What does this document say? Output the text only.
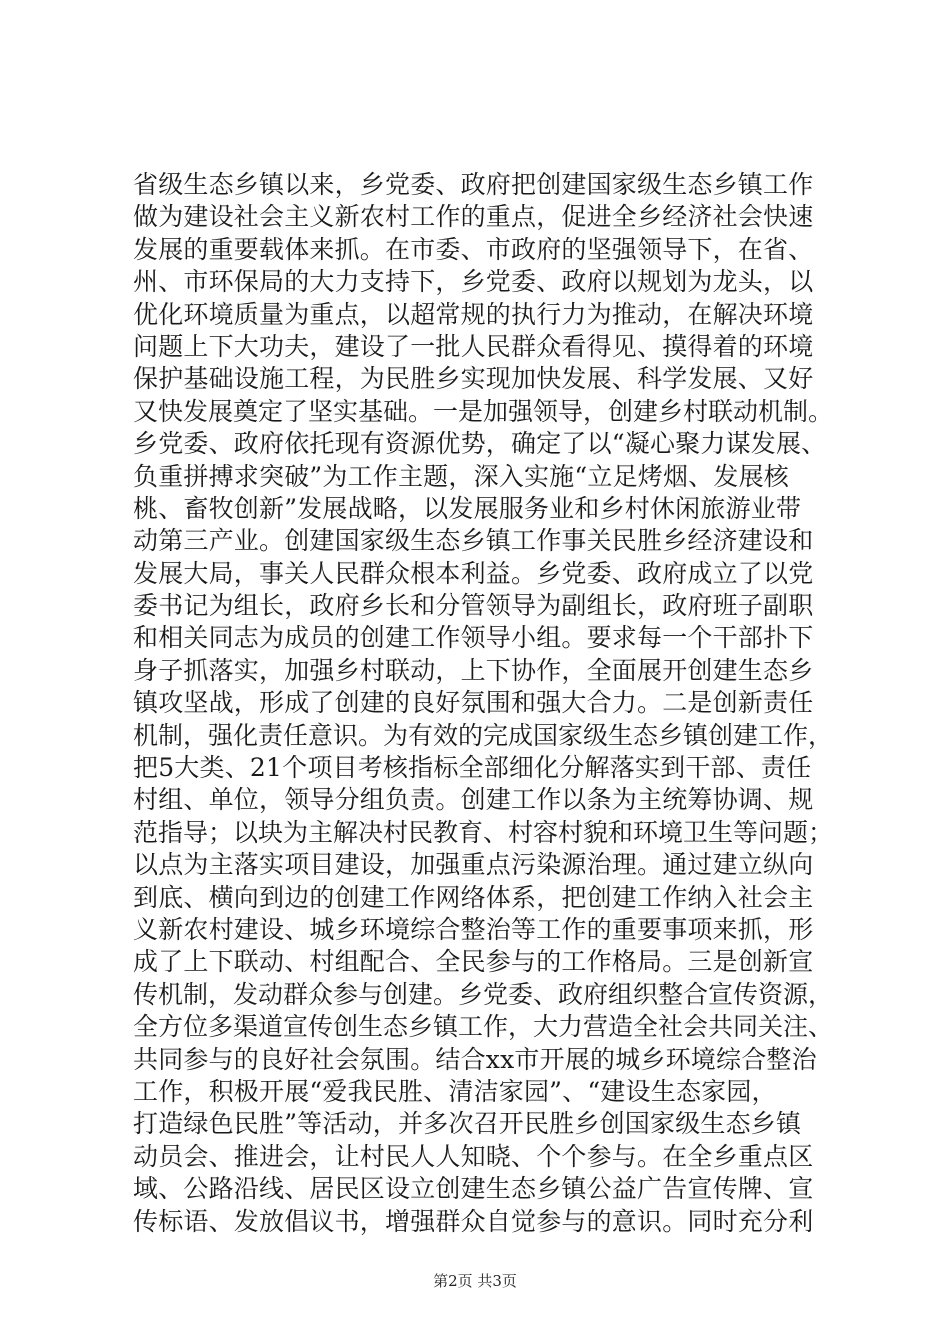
省级生态乡镇以来，乡党委、政府把创建国家级生态乡镇工作
做为建设社会主义新农村工作的重点，促进全乡经济社会快速
发展的重要载体来抓。在市委、市政府的坚强领导下，在省、
州、市环保局的大力支持下，乡党委、政府以规划为龙头，以
优化环境质量为重点，以超常规的执行力为推动，在解决环境
问题上下大功夫，建设了一批人民群众看得见、摸得着的环境
保护基础设施工程，为民胜乡实现加快发展、科学发展、又好
又快发展奠定了坚实基础。一是加强领导，创建乡村联动机制。
乡党委、政府依托现有资源优势，确定了以“凝心聚力谋发展、
负重拼搏求突破”为工作主题，深入实施“立足烤烟、发展核
桃、畜牧创新”发展战略，以发展服务业和乡村休闲旅游业带
动第三产业。创建国家级生态乡镇工作事关民胜乡经济建设和
发展大局，事关人民群众根本利益。乡党委、政府成立了以党
委书记为组长，政府乡长和分管领导为副组长，政府班子副职
和相关同志为成员的创建工作领导小组。要求每一个干部扑下
身子抓落实，加强乡村联动，上下协作，全面展开创建生态乡
镇攻坚战，形成了创建的良好氛围和强大合力。二是创新责任
机制，强化责任意识。为有效的完成国家级生态乡镇创建工作，
把5大类、21个项目考核指标全部细化分解落实到干部、责任
村组、单位，领导分组负责。创建工作以条为主统筹协调、规
范指导；以块为主解决村民教育、村容村貌和环境卫生等问题；
以点为主落实项目建设，加强重点污染源治理。通过建立纵向
到底、横向到边的创建工作网络体系，把创建工作纳入社会主
义新农村建设、城乡环境综合整治等工作的重要事项来抓，形
成了上下联动、村组配合、全民参与的工作格局。三是创新宣
传机制，发动群众参与创建。乡党委、政府组织整合宣传资源，
全方位多渠道宣传创生态乡镇工作，大力营造全社会共同关注、
共同参与的良好社会氛围。结合xx市开展的城乡环境综合整治
工作，积极开展“爱我民胜、清洁家园”、“建设生态家园，
打造绿色民胜”等活动，并多次召开民胜乡创国家级生态乡镇
动员会、推进会，让村民人人知晓、个个参与。在全乡重点区
域、公路沿线、居民区设立创建生态乡镇公益广告宣传牌、宣
传标语、发放倡议书，增强群众自觉参与的意识。同时充分利
第2页 共3页
